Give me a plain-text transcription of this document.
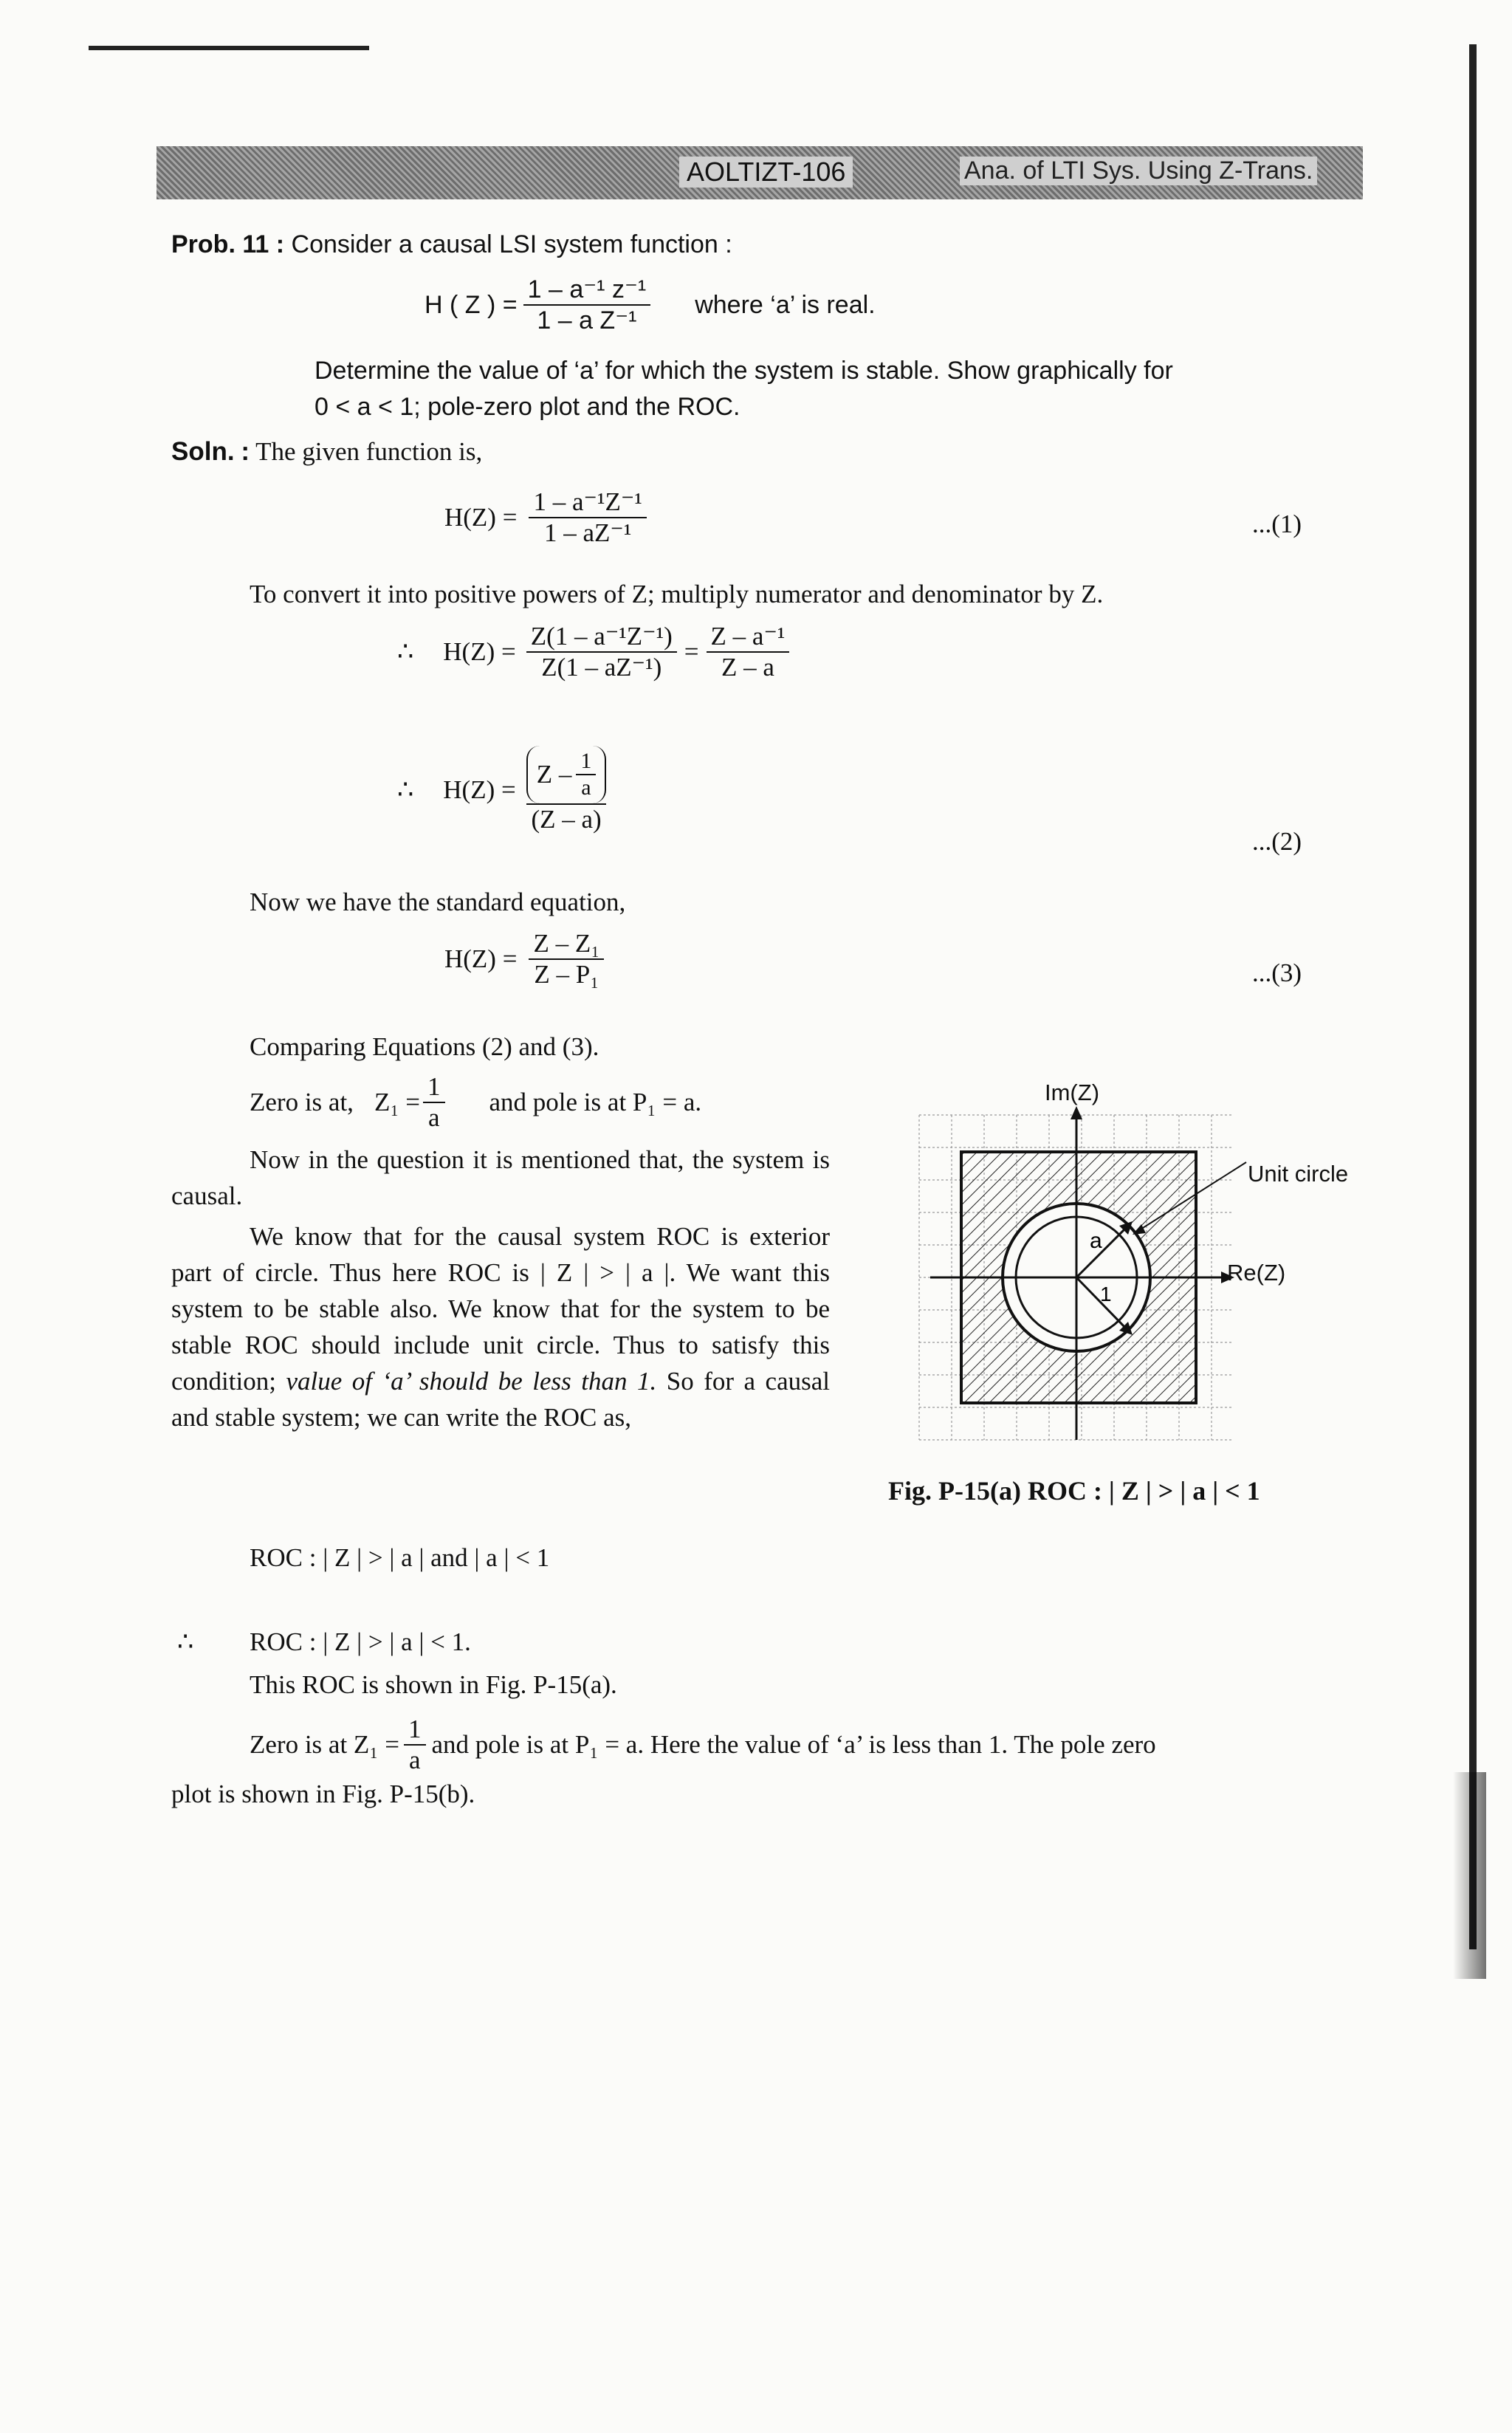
AOLTIZT-106	Ana. of LTI Sys. Using Z-Trans.
Prob. 11 : Consider a causal LSI system function :
H ( Z ) = $\frac{\text{1 – a⁻¹ z⁻¹}}{\text{1 – a Z⁻¹}}$ where ‘a’ is real.
Determine the value of ‘a’ for which the system is stable. Show graphically for
0 < a < 1; pole-zero plot and the ROC.
Soln. : The given function is,
$H(Z) = \frac{\text{1 – a⁻¹Z⁻¹}}{\text{1 – aZ⁻¹}}$	...(1)
To convert it into positive powers of Z; multiply numerator and denominator by Z.
∴ $H(Z) = \frac{\text{Z(1 – a⁻¹Z⁻¹)}}{\text{Z(1 – aZ⁻¹)}} = \frac{\text{Z – a⁻¹}}{Z - a}$
∴ $H(Z) = \frac{Z - \frac{1}{a}}{(Z - a)}$
...(2)
Now we have the standard equation,
$H(Z) = \frac{\text{Z – Z₁}}{\text{Z – P₁}}$	...(3)
Comparing Equations (2) and (3).
Zero is at, $Z_1 = \frac{1}{a}$ and pole is at P₁ = a.
Now in the question it is mentioned that, the system is causal.
We know that for the causal system ROC is exterior part of circle. Thus here ROC is | Z | > | a |. We want this system to be stable also. We know that for the system to be stable ROC should include unit circle. Thus to satisfy this condition; value of ‘a’ should be less than 1. So for a causal and stable system; we can write the ROC as,
a
1
Im(Z)
Unit circle
Re(Z)
Fig. P-15(a) ROC : | Z | > | a | < 1
ROC : | Z | > | a | and | a | < 1
∴ ROC : | Z | > | a | < 1.
This ROC is shown in Fig. P-15(a).
Zero is at $Z_1 = \frac{1}{a}$ and pole is at P₁ = a. Here the value of ‘a’ is less than 1. The pole zero
plot is shown in Fig. P-15(b).
